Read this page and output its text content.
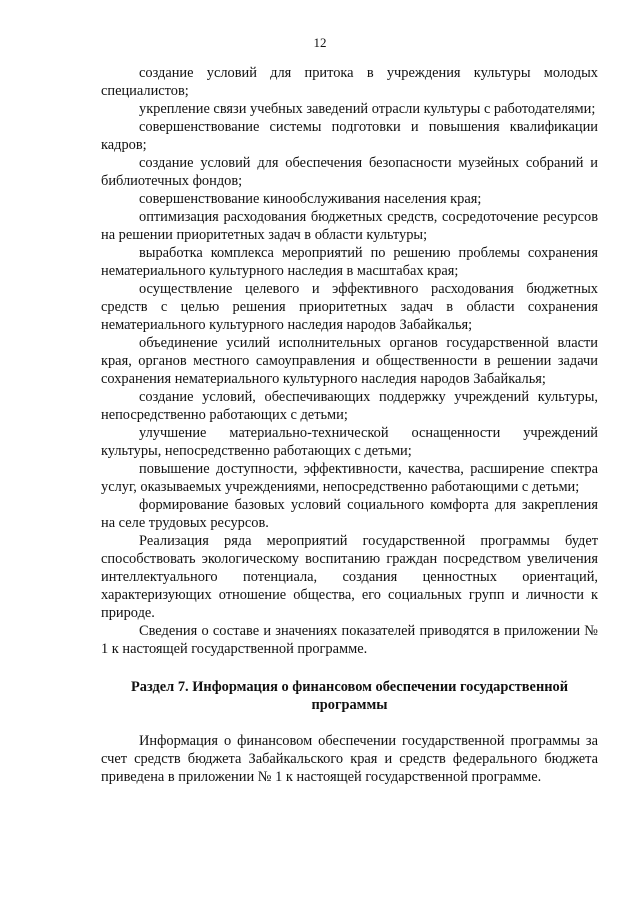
12

создание условий для притока в учреждения культуры молодых специалистов;

укрепление связи учебных заведений отрасли культуры с работодателями;

совершенствование системы подготовки и повышения квалификации кадров;

создание условий для обеспечения безопасности музейных собраний и библиотечных фондов;

совершенствование кинообслуживания населения края;

оптимизация расходования бюджетных средств, сосредоточение ресурсов на решении приоритетных задач в области культуры;

выработка комплекса мероприятий по решению проблемы сохранения нематериального культурного наследия в масштабах края;

осуществление целевого и эффективного расходования бюджетных средств с целью решения приоритетных задач в области сохранения нематериального культурного наследия народов Забайкалья;

объединение усилий исполнительных органов государственной власти края, органов местного самоуправления и общественности в решении задачи сохранения нематериального культурного наследия народов Забайкалья;

создание условий, обеспечивающих поддержку учреждений культуры, непосредственно работающих с детьми;

улучшение материально-технической оснащенности учреждений культуры, непосредственно работающих с детьми;

повышение доступности, эффективности, качества, расширение спектра услуг, оказываемых учреждениями, непосредственно работающими с детьми;

формирование базовых условий социального комфорта для закрепления на селе трудовых ресурсов.

Реализация ряда мероприятий государственной программы будет способствовать экологическому воспитанию граждан посредством увеличения интеллектуального потенциала, создания ценностных ориентаций, характеризующих отношение общества, его социальных групп и личности к природе.

Сведения о составе и значениях показателей приводятся в приложении № 1 к настоящей государственной программе.

Раздел 7. Информация о финансовом обеспечении государственной программы

Информация о финансовом обеспечении государственной программы за счет средств бюджета Забайкальского края и средств федерального бюджета приведена в приложении № 1 к настоящей государственной программе.
